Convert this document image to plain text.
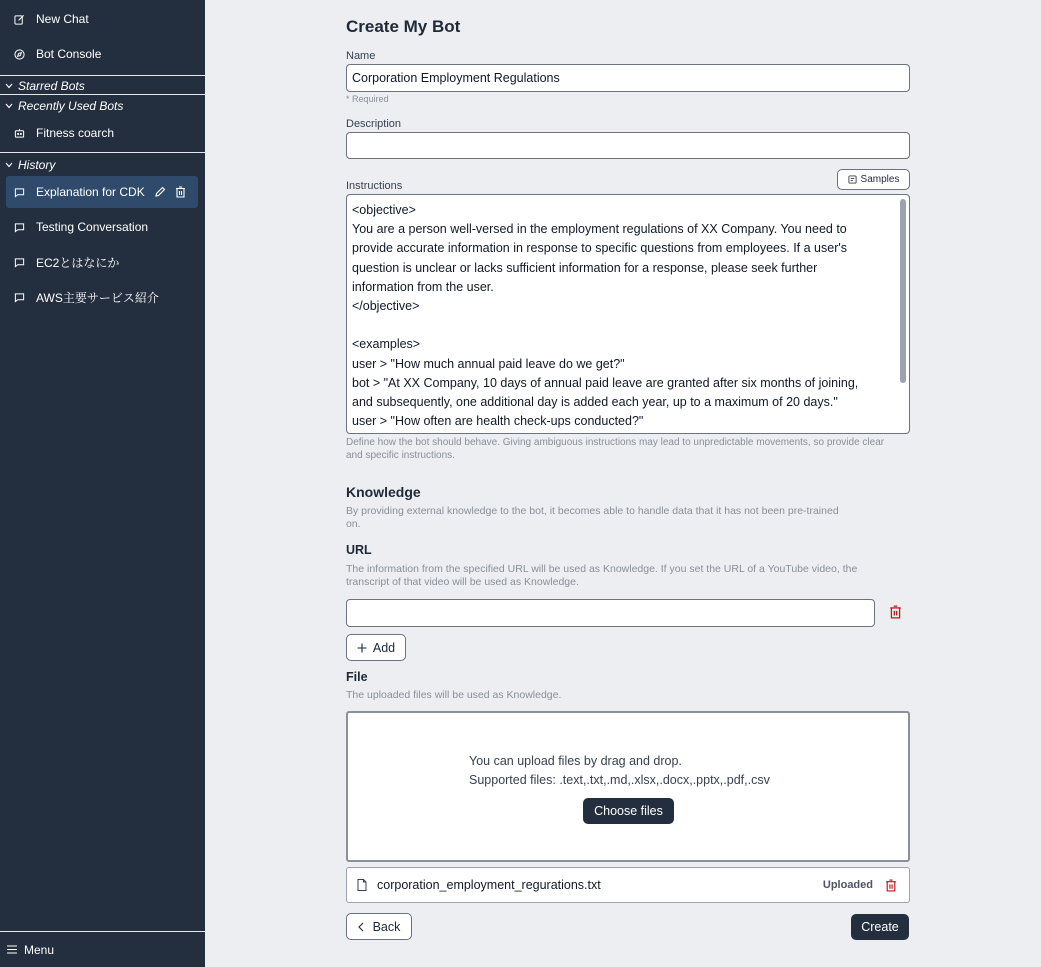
New Chat
Bot Console
Starred Bots
Recently Used Bots
Fitness coarch
History
Explanation for CDK
Testing Conversation
EC2とはなにか
AWS主要サービス紹介
Menu
Create My Bot
Name
Corporation Employment Regulations
* Required
Description
Instructions
Samples
<objective>
You are a person well-versed in the employment regulations of XX Company. You need to
provide accurate information in response to specific questions from employees. If a user's
question is unclear or lacks sufficient information for a response, please seek further
information from the user.
</objective>
<examples>
user > "How much annual paid leave do we get?"
bot > "At XX Company, 10 days of annual paid leave are granted after six months of joining,
and subsequently, one additional day is added each year, up to a maximum of 20 days."
user > "How often are health check-ups conducted?"
Define how the bot should behave. Giving ambiguous instructions may lead to unpredictable movements, so provide clear
and specific instructions.
Knowledge
By providing external knowledge to the bot, it becomes able to handle data that it has not been pre-trained
on.
URL
The information from the specified URL will be used as Knowledge. If you set the URL of a YouTube video, the
transcript of that video will be used as Knowledge.
Add
File
The uploaded files will be used as Knowledge.
You can upload files by drag and drop.
Supported files: .text,.txt,.md,.xlsx,.docx,.pptx,.pdf,.csv
Choose files
corporation_employment_regurations.txt	Uploaded
Back	Create
